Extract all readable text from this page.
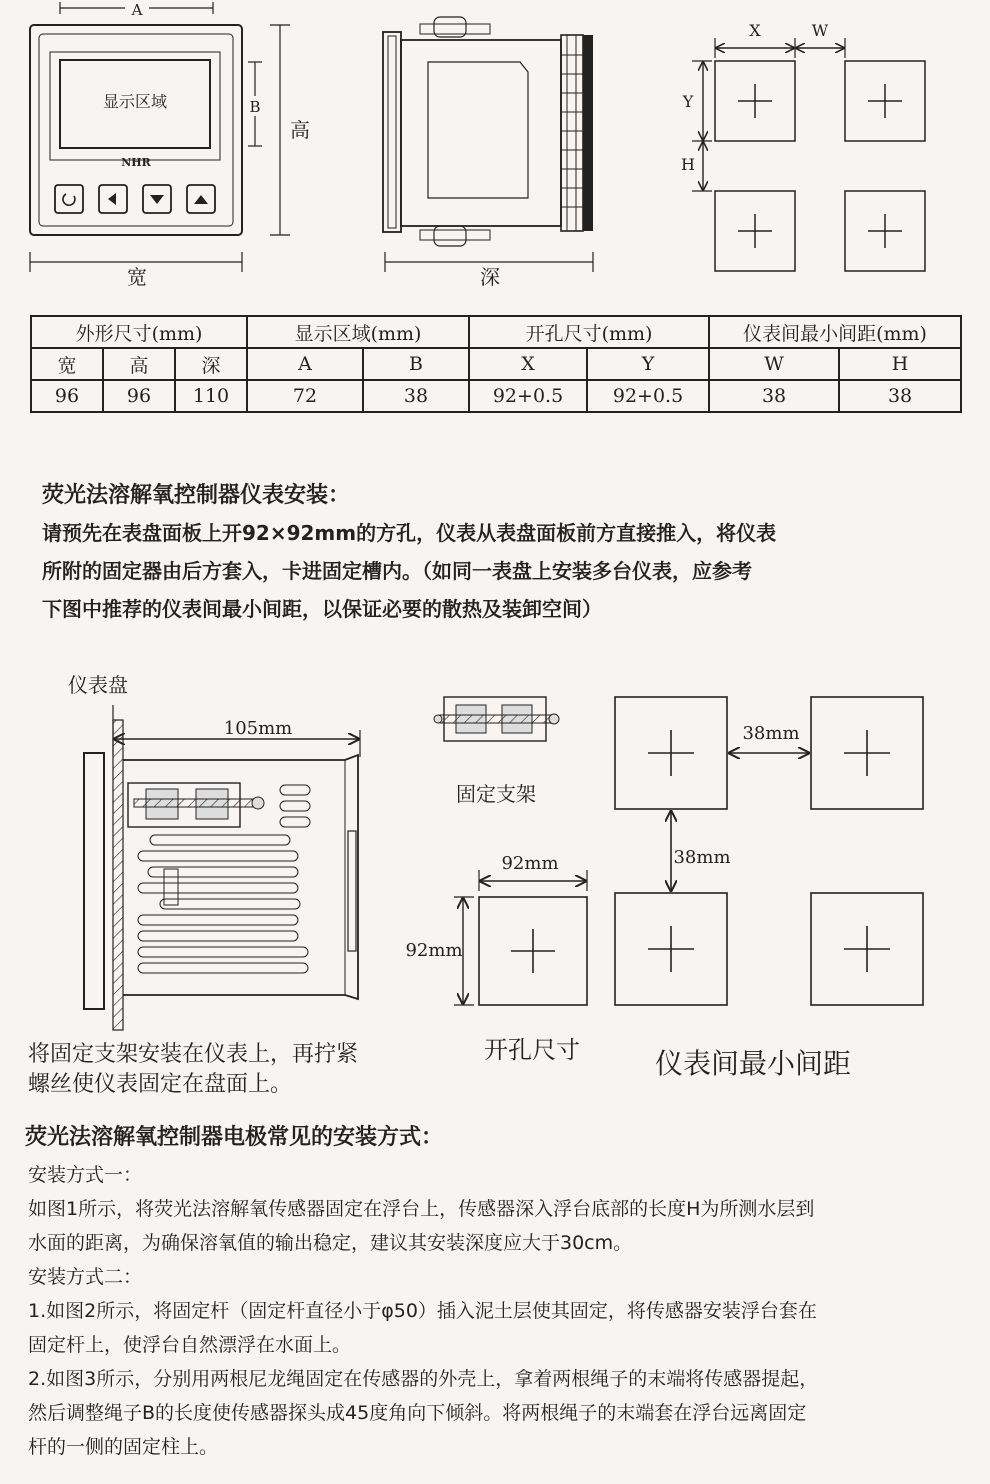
A
显示区域
NHR
B
高
宽	深
X	W
Y
H
外形尺寸(mm)			显示区域(mm)		开孔尺寸(mm)		仪表间最小间距(mm)	
宽	高	深	A	B	X	Y	W	H
96	96	110	72	38	92+0.5	92+0.5	38	38
荧光法溶解氧控制器仪表安装：
请预先在表盘面板上开92×92mm的方孔，仪表从表盘面板前方直接推入，将仪表
所附的固定器由后方套入，卡进固定槽内。（如同一表盘上安装多台仪表，应参考
下图中推荐的仪表间最小间距，以保证必要的散热及装卸空间）
仪表盘
105mm
固定支架
92mm
92mm
38mm
38mm
将固定支架安装在仪表上，再拧紧
螺丝使仪表固定在盘面上。
开孔尺寸	仪表间最小间距
荧光法溶解氧控制器电极常见的安装方式：
安装方式一：
如图1所示，将荧光法溶解氧传感器固定在浮台上，传感器深入浮台底部的长度H为所测水层到
水面的距离，为确保溶氧值的输出稳定，建议其安装深度应大于30cm。
安装方式二：
1.如图2所示，将固定杆（固定杆直径小于φ50）插入泥土层使其固定，将传感器安装浮台套在
固定杆上，使浮台自然漂浮在水面上。
2.如图3所示，分别用两根尼龙绳固定在传感器的外壳上，拿着两根绳子的末端将传感器提起，
然后调整绳子B的长度使传感器探头成45度角向下倾斜。将两根绳子的末端套在浮台远离固定
杆的一侧的固定柱上。
